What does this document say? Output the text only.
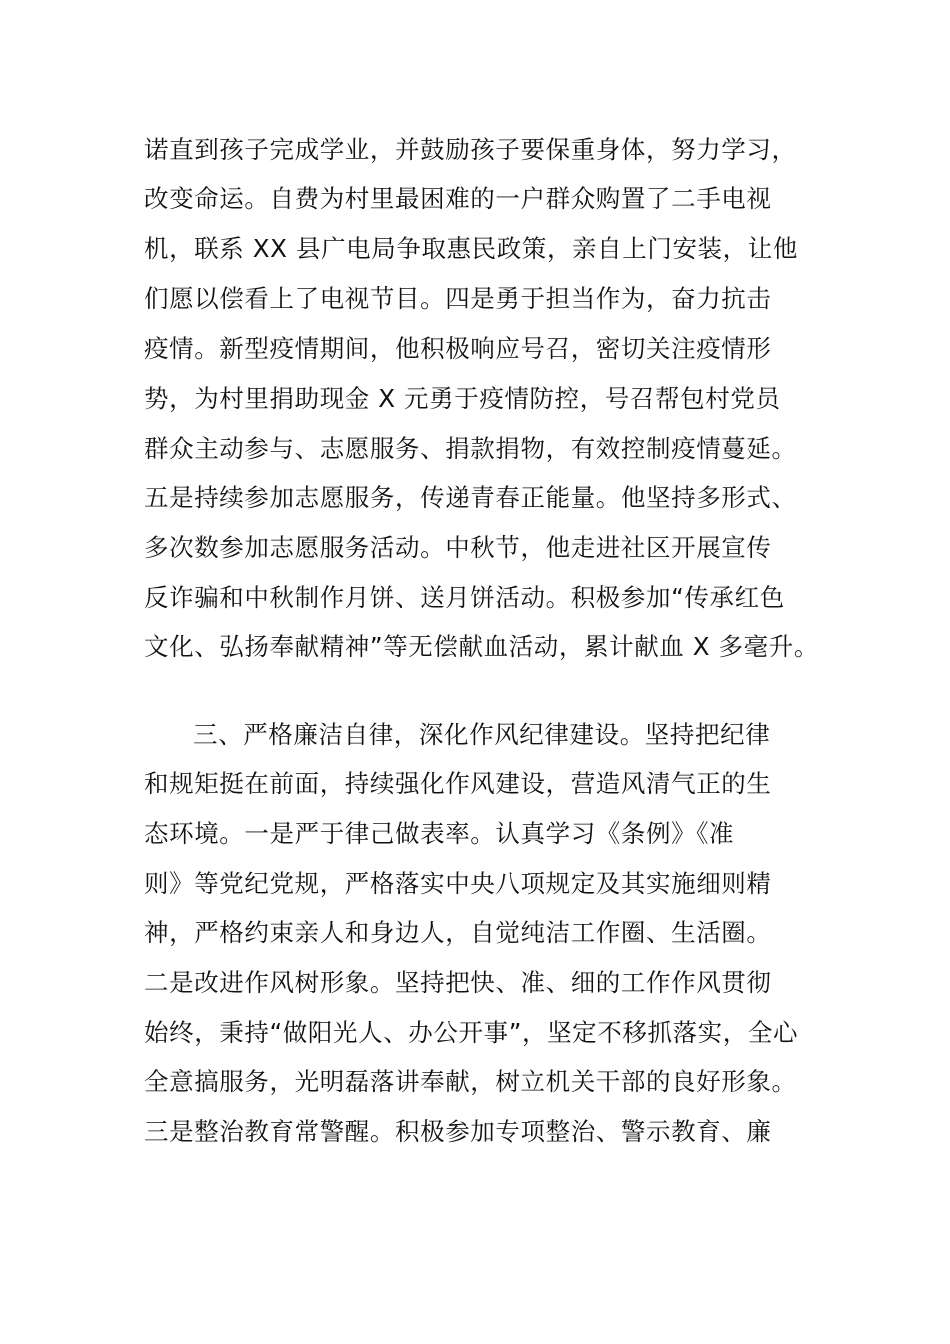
诺直到孩子完成学业，并鼓励孩子要保重身体，努力学习，
改变命运。自费为村里最困难的一户群众购置了二手电视
机，联系 XX 县广电局争取惠民政策，亲自上门安装，让他
们愿以偿看上了电视节目。四是勇于担当作为，奋力抗击
疫情。新型疫情期间，他积极响应号召，密切关注疫情形
势，为村里捐助现金 X 元勇于疫情防控，号召帮包村党员
群众主动参与、志愿服务、捐款捐物，有效控制疫情蔓延。
五是持续参加志愿服务，传递青春正能量。他坚持多形式、
多次数参加志愿服务活动。中秋节，他走进社区开展宣传
反诈骗和中秋制作月饼、送月饼活动。积极参加“传承红色
文化、弘扬奉献精神”等无偿献血活动，累计献血 X 多毫升。
三、严格廉洁自律，深化作风纪律建设。坚持把纪律
和规矩挺在前面，持续强化作风建设，营造风清气正的生
态环境。一是严于律己做表率。认真学习《条例》《准
则》等党纪党规，严格落实中央八项规定及其实施细则精
神，严格约束亲人和身边人，自觉纯洁工作圈、生活圈。
二是改进作风树形象。坚持把快、准、细的工作作风贯彻
始终，秉持“做阳光人、办公开事”，坚定不移抓落实，全心
全意搞服务，光明磊落讲奉献，树立机关干部的良好形象。
三是整治教育常警醒。积极参加专项整治、警示教育、廉
